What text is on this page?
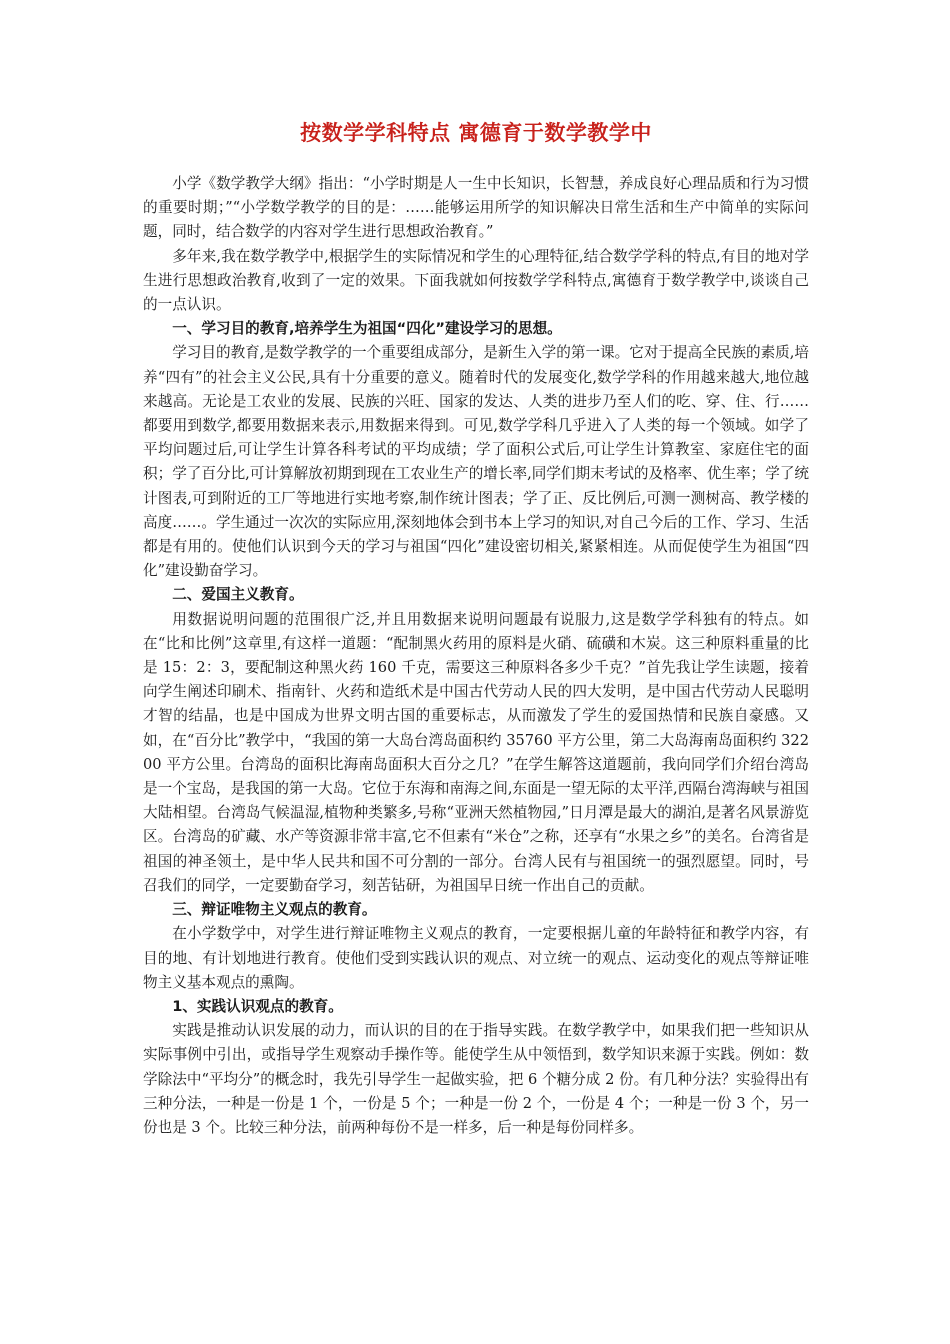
按数学学科特点 寓德育于数学教学中

小学《数学教学大纲》指出：“小学时期是人一生中长知识，长智慧，养成良好心理品质和行为习惯的重要时期；”“小学数学教学的目的是：……能够运用所学的知识解决日常生活和生产中简单的实际问题，同时，结合数学的内容对学生进行思想政治教育。”

多年来,我在数学教学中,根据学生的实际情况和学生的心理特征,结合数学学科的特点,有目的地对学生进行思想政治教育,收到了一定的效果。下面我就如何按数学学科特点,寓德育于数学教学中,谈谈自己的一点认识。

一、学习目的教育,培养学生为祖国“四化”建设学习的思想。

学习目的教育,是数学教学的一个重要组成部分，是新生入学的第一课。它对于提高全民族的素质,培养“四有”的社会主义公民,具有十分重要的意义。随着时代的发展变化,数学学科的作用越来越大,地位越来越高。无论是工农业的发展、民族的兴旺、国家的发达、人类的进步乃至人们的吃、穿、住、行……都要用到数学,都要用数据来表示,用数据来得到。可见,数学学科几乎进入了人类的每一个领域。如学了平均问题过后,可让学生计算各科考试的平均成绩；学了面积公式后,可让学生计算教室、家庭住宅的面积；学了百分比,可计算解放初期到现在工农业生产的增长率,同学们期末考试的及格率、优生率；学了统计图表,可到附近的工厂等地进行实地考察,制作统计图表；学了正、反比例后,可测一测树高、教学楼的高度……。学生通过一次次的实际应用,深刻地体会到书本上学习的知识,对自己今后的工作、学习、生活都是有用的。使他们认识到今天的学习与祖国“四化”建设密切相关,紧紧相连。从而促使学生为祖国“四化”建设勤奋学习。

二、爱国主义教育。

用数据说明问题的范围很广泛,并且用数据来说明问题最有说服力,这是数学学科独有的特点。如在“比和比例”这章里,有这样一道题：“配制黑火药用的原料是火硝、硫磺和木炭。这三种原料重量的比是 15：2：3，要配制这种黑火药 160 千克，需要这三种原料各多少千克？”首先我让学生读题，接着向学生阐述印刷术、指南针、火药和造纸术是中国古代劳动人民的四大发明，是中国古代劳动人民聪明才智的结晶，也是中国成为世界文明古国的重要标志，从而激发了学生的爱国热情和民族自豪感。又如，在“百分比”教学中，“我国的第一大岛台湾岛面积约 35760 平方公里，第二大岛海南岛面积约 32200 平方公里。台湾岛的面积比海南岛面积大百分之几？”在学生解答这道题前，我向同学们介绍台湾岛是一个宝岛，是我国的第一大岛。它位于东海和南海之间,东面是一望无际的太平洋,西隔台湾海峡与祖国大陆相望。台湾岛气候温湿,植物种类繁多,号称“亚洲天然植物园,”日月潭是最大的湖泊,是著名风景游览区。台湾岛的矿藏、水产等资源非常丰富,它不但素有“米仓”之称，还享有“水果之乡”的美名。台湾省是祖国的神圣领土，是中华人民共和国不可分割的一部分。台湾人民有与祖国统一的强烈愿望。同时，号召我们的同学，一定要勤奋学习，刻苦钻研，为祖国早日统一作出自己的贡献。

三、辩证唯物主义观点的教育。

在小学数学中，对学生进行辩证唯物主义观点的教育，一定要根据儿童的年龄特征和教学内容，有目的地、有计划地进行教育。使他们受到实践认识的观点、对立统一的观点、运动变化的观点等辩证唯物主义基本观点的熏陶。

1、实践认识观点的教育。

实践是推动认识发展的动力，而认识的目的在于指导实践。在数学教学中，如果我们把一些知识从实际事例中引出，或指导学生观察动手操作等。能使学生从中领悟到，数学知识来源于实践。例如：数学除法中“平均分”的概念时，我先引导学生一起做实验，把 6 个糖分成 2 份。有几种分法？实验得出有三种分法，一种是一份是 1 个，一份是 5 个；一种是一份 2 个，一份是 4 个；一种是一份 3 个，另一份也是 3 个。比较三种分法，前两种每份不是一样多，后一种是每份同样多。
